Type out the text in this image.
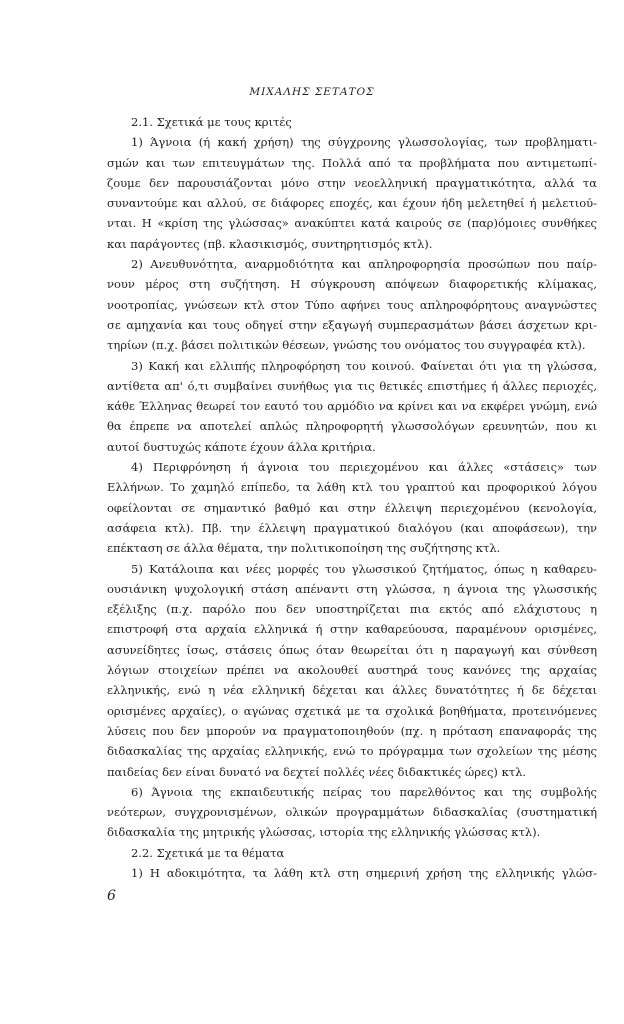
ΜΙΧΑΛΗΣ ΣΕΤΑΤΟΣ
2.1. Σχετικά με τους κριτές
1) Άγνοια (ή κακή χρήση) της σύγχρονης γλωσσολογίας, των προβληματι-
σμών και των επιτευγμάτων της. Πολλά από τα προβλήματα που αντιμετωπί-
ζουμε δεν παρουσιάζονται μόνο στην νεοελληνική πραγματικότητα, αλλά τα
συναντούμε και αλλού, σε διάφορες εποχές, και έχουν ήδη μελετηθεί ή μελετιού-
νται. Η «κρίση της γλώσσας» ανακύπτει κατά καιρούς σε (παρ)όμοιες συνθήκες
και παράγοντες (πβ. κλασικισμός, συντηρητισμός κτλ).
2) Ανευθυνότητα, αναρμοδιότητα και απληροφορησία προσώπων που παίρ-
νουν μέρος στη συζήτηση. Η σύγκρουση απόψεων διαφορετικής κλίμακας,
νοοτροπίας, γνώσεων κτλ στον Τύπο αφήνει τους απληροφόρητους αναγνώστες
σε αμηχανία και τους οδηγεί στην εξαγωγή συμπερασμάτων βάσει άσχετων κρι-
τηρίων (π.χ. βάσει πολιτικών θέσεων, γνώσης του ονόματος του συγγραφέα κτλ).
3) Κακή και ελλιπής πληροφόρηση του κοινού. Φαίνεται ότι για τη γλώσσα,
αντίθετα απ' ό,τι συμβαίνει συνήθως για τις θετικές επιστήμες ή άλλες περιοχές,
κάθε Έλληνας θεωρεί τον εαυτό του αρμόδιο να κρίνει και να εκφέρει γνώμη, ενώ
θα έπρεπε να αποτελεί απλώς πληροφορητή γλωσσολόγων ερευνητών, που κι
αυτοί δυστυχώς κάποτε έχουν άλλα κριτήρια.
4) Περιφρόνηση ή άγνοια του περιεχομένου και άλλες «στάσεις» των
Ελλήνων. Το χαμηλό επίπεδο, τα λάθη κτλ του γραπτού και προφορικού λόγου
οφείλονται σε σημαντικό βαθμό και στην έλλειψη περιεχομένου (κενολογία,
ασάφεια κτλ). Πβ. την έλλειψη πραγματικού διαλόγου (και αποφάσεων), την
επέκταση σε άλλα θέματα, την πολιτικοποίηση της συζήτησης κτλ.
5) Κατάλοιπα και νέες μορφές του γλωσσικού ζητήματος, όπως η καθαρευ-
ουσιάνικη ψυχολογική στάση απέναντι στη γλώσσα, η άγνοια της γλωσσικής
εξέλιξης (π.χ. παρόλο που δεν υποστηρίζεται πια εκτός από ελάχιστους η
επιστροφή στα αρχαία ελληνικά ή στην καθαρεύουσα, παραμένουν ορισμένες,
ασυνείδητες ίσως, στάσεις όπως όταν θεωρείται ότι η παραγωγή και σύνθεση
λόγιων στοιχείων πρέπει να ακολουθεί αυστηρά τους κανόνες της αρχαίας
ελληνικής, ενώ η νέα ελληνική δέχεται και άλλες δυνατότητες ή δε δέχεται
ορισμένες αρχαίες), ο αγώνας σχετικά με τα σχολικά βοηθήματα, προτεινόμενες
λύσεις που δεν μπορούν να πραγματοποιηθούν (πχ. η πρόταση επαναφοράς της
διδασκαλίας της αρχαίας ελληνικής, ενώ το πρόγραμμα των σχολείων της μέσης
παιδείας δεν είναι δυνατό να δεχτεί πολλές νέες διδακτικές ώρες) κτλ.
6) Άγνοια της εκπαιδευτικής πείρας του παρελθόντος και της συμβολής
νεότερων, συγχρονισμένων, ολικών προγραμμάτων διδασκαλίας (συστηματική
διδασκαλία της μητρικής γλώσσας, ιστορία της ελληνικής γλώσσας κτλ).
2.2. Σχετικά με τα θέματα
1) Η αδοκιμότητα, τα λάθη κτλ στη σημερινή χρήση της ελληνικής γλώσ-
6
